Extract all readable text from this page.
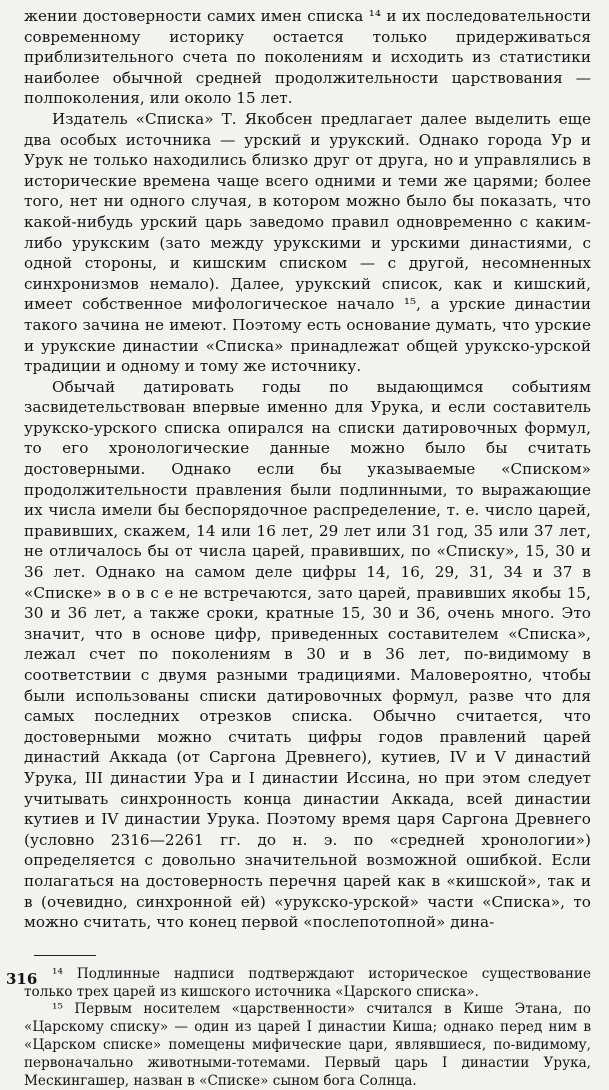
жении достоверности самих имен списка ¹⁴ и их последовательности современному историку остается только придерживаться приблизительного счета по поколениям и исходить из статистики наиболее обычной средней продолжительности царствования — полпоколения, или около 15 лет.

Издатель «Списка» Т. Якобсен предлагает далее выделить еще два особых источника — урский и урукский. Однако города Ур и Урук не только находились близко друг от друга, но и управлялись в исторические времена чаще всего одними и теми же царями; более того, нет ни одного случая, в котором можно было бы показать, что какой-нибудь урский царь заведомо правил одновременно с каким-либо урукским (зато между урукскими и урскими династиями, с одной стороны, и кишским списком — с другой, несомненных синхронизмов немало). Далее, урукский список, как и кишский, имеет собственное мифологическое начало ¹⁵, а урские династии такого зачина не имеют. Поэтому есть основание думать, что урские и урукские династии «Списка» принадлежат общей урукско-урской традиции и одному и тому же источнику.

Обычай датировать годы по выдающимся событиям засвидетельствован впервые именно для Урука, и если составитель урукско-урского списка опирался на списки датировочных формул, то его хронологические данные можно было бы считать достоверными. Однако если бы указываемые «Списком» продолжительности правления были подлинными, то выражающие их числа имели бы беспорядочное распределение, т. е. число царей, правивших, скажем, 14 или 16 лет, 29 лет или 31 год, 35 или 37 лет, не отличалось бы от числа царей, правивших, по «Списку», 15, 30 и 36 лет. Однако на самом деле цифры 14, 16, 29, 31, 34 и 37 в «Списке» в о в с е не встречаются, зато царей, правивших якобы 15, 30 и 36 лет, а также сроки, кратные 15, 30 и 36, очень много. Это значит, что в основе цифр, приведенных составителем «Списка», лежал счет по поколениям в 30 и в 36 лет, по-видимому в соответствии с двумя разными традициями. Маловероятно, чтобы были использованы списки датировочных формул, разве что для самых последних отрезков списка. Обычно считается, что достоверными можно считать цифры годов правлений царей династий Аккада (от Саргона Древнего), кутиев, IV и V династий Урука, III династии Ура и I династии Иссина, но при этом следует учитывать синхронность конца династии Аккада, всей династии кутиев и IV династии Урука. Поэтому время царя Саргона Древнего (условно 2316—2261 гг. до н. э. по «средней хронологии») определяется с довольно значительной возможной ошибкой. Если полагаться на достоверность перечня царей как в «кишской», так и в (очевидно, синхронной ей) «урукско-урской» части «Списка», то можно считать, что конец первой «послепотопной» дина-

¹⁴ Подлинные надписи подтверждают историческое существование только трех царей из кишского источника «Царского списка».

¹⁵ Первым носителем «царственности» считался в Кише Этана, по «Царскому списку» — один из царей I династии Киша; однако перед ним в «Царском списке» помещены мифические цари, являвшиеся, по-видимому, первоначально животными-тотемами. Первый царь I династии Урука, Мескингашер, назван в «Списке» сыном бога Солнца.

316
